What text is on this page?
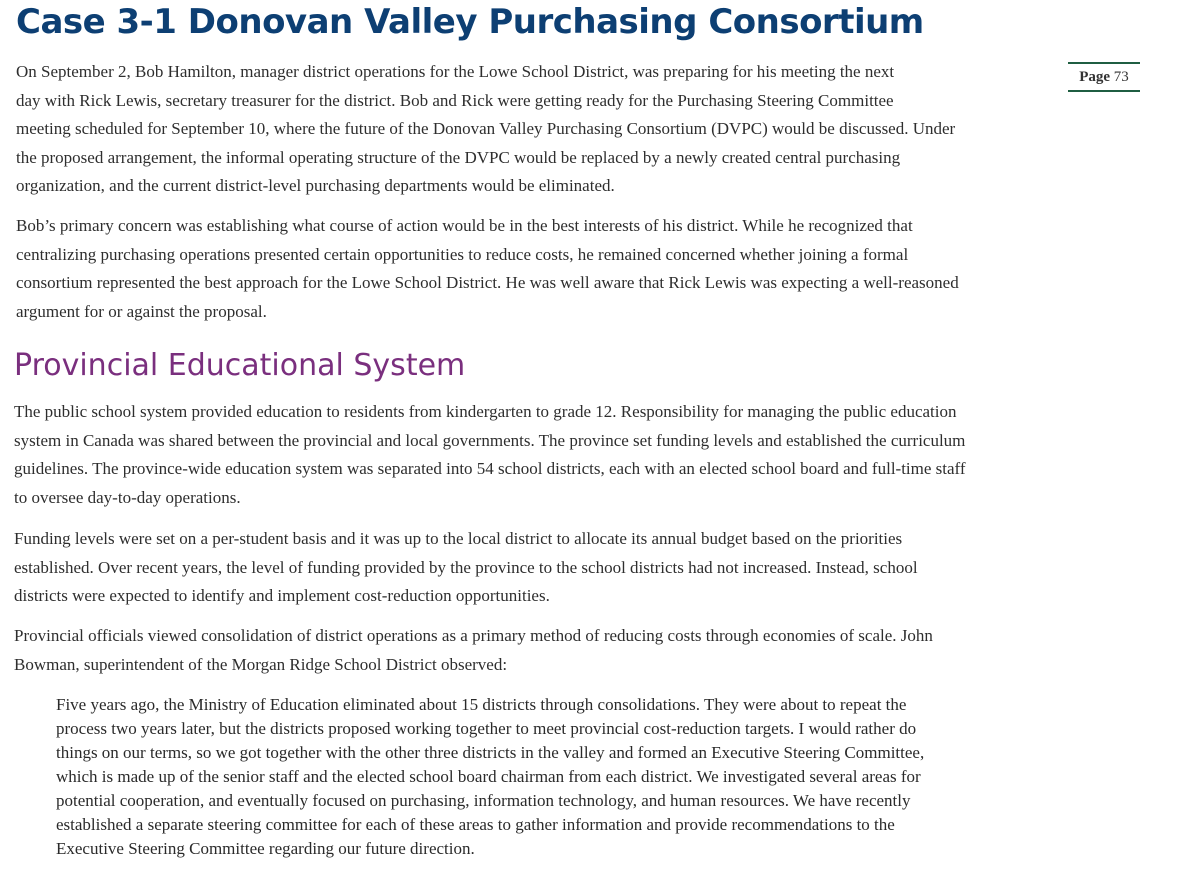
Case 3-1 Donovan Valley Purchasing Consortium
Page 73

On September 2, Bob Hamilton, manager district operations for the Lowe School District, was preparing for his meeting the next
day with Rick Lewis, secretary treasurer for the district. Bob and Rick were getting ready for the Purchasing Steering Committee
meeting scheduled for September 10, where the future of the Donovan Valley Purchasing Consortium (DVPC) would be discussed. Under
the proposed arrangement, the informal operating structure of the DVPC would be replaced by a newly created central purchasing
organization, and the current district-level purchasing departments would be eliminated.

Bob’s primary concern was establishing what course of action would be in the best interests of his district. While he recognized that
centralizing purchasing operations presented certain opportunities to reduce costs, he remained concerned whether joining a formal
consortium represented the best approach for the Lowe School District. He was well aware that Rick Lewis was expecting a well-reasoned
argument for or against the proposal.

Provincial Educational System

The public school system provided education to residents from kindergarten to grade 12. Responsibility for managing the public education
system in Canada was shared between the provincial and local governments. The province set funding levels and established the curriculum
guidelines. The province-wide education system was separated into 54 school districts, each with an elected school board and full-time staff
to oversee day-to-day operations.

Funding levels were set on a per-student basis and it was up to the local district to allocate its annual budget based on the priorities
established. Over recent years, the level of funding provided by the province to the school districts had not increased. Instead, school
districts were expected to identify and implement cost-reduction opportunities.

Provincial officials viewed consolidation of district operations as a primary method of reducing costs through economies of scale. John
Bowman, superintendent of the Morgan Ridge School District observed:

Five years ago, the Ministry of Education eliminated about 15 districts through consolidations. They were about to repeat the
process two years later, but the districts proposed working together to meet provincial cost-reduction targets. I would rather do
things on our terms, so we got together with the other three districts in the valley and formed an Executive Steering Committee,
which is made up of the senior staff and the elected school board chairman from each district. We investigated several areas for
potential cooperation, and eventually focused on purchasing, information technology, and human resources. We have recently
established a separate steering committee for each of these areas to gather information and provide recommendations to the
Executive Steering Committee regarding our future direction.
